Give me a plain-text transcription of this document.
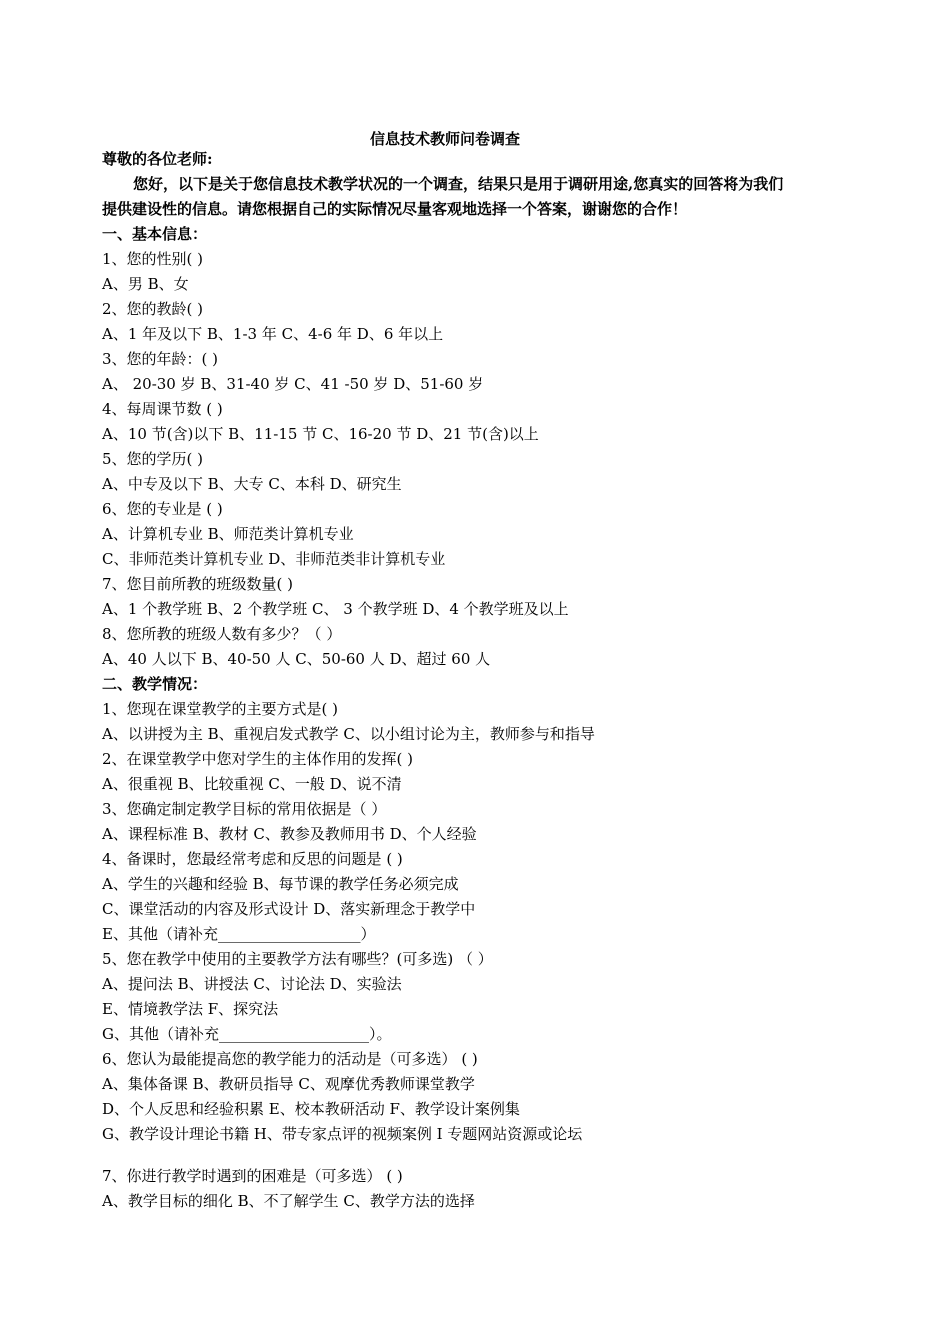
信息技术教师问卷调查
尊敬的各位老师:
您好，以下是关于您信息技术教学状况的一个调查，结果只是用于调研用途,您真实的回答将为我们
提供建设性的信息。请您根据自己的实际情况尽量客观地选择一个答案，谢谢您的合作！
一、基本信息：
1、您的性别( )
A、男 B、女
2、您的教龄( )
A、1 年及以下 B、1-3 年 C、4-6 年 D、6 年以上
3、您的年龄：( )
A、 20-30 岁 B、31-40 岁 C、41 -50 岁 D、51-60 岁
4、每周课节数 ( )
A、10 节(含)以下 B、11-15 节 C、16-20 节 D、21 节(含)以上
5、您的学历( )
A、中专及以下 B、大专 C、本科 D、研究生
6、您的专业是 ( )
A、计算机专业 B、师范类计算机专业
C、非师范类计算机专业 D、非师范类非计算机专业
7、您目前所教的班级数量( )
A、1 个教学班 B、2 个教学班 C、 3 个教学班 D、4 个教学班及以上
8、您所教的班级人数有多少？（ ）
A、40 人以下 B、40-50 人 C、50-60 人 D、超过 60 人
二、教学情况：
1、您现在课堂教学的主要方式是( )
A、以讲授为主 B、重视启发式教学 C、以小组讨论为主，教师参与和指导
2、在课堂教学中您对学生的主体作用的发挥( )
A、很重视 B、比较重视 C、一般 D、说不清
3、您确定制定教学目标的常用依据是（ ）
A、课程标准 B、教材 C、教参及教师用书 D、个人经验
4、备课时，您最经常考虑和反思的问题是 ( )
A、学生的兴趣和经验 B、每节课的教学任务必须完成
C、课堂活动的内容及形式设计 D、落实新理念于教学中
E、其他（请补充___________________）
5、您在教学中使用的主要教学方法有哪些？(可多选) （ ）
A、提问法 B、讲授法 C、讨论法 D、实验法
E、情境教学法 F、探究法
G、其他（请补充____________________）。
6、您认为最能提高您的教学能力的活动是（可多选） ( )
A、集体备课 B、教研员指导 C、观摩优秀教师课堂教学
D、个人反思和经验积累 E、校本教研活动 F、教学设计案例集
G、教学设计理论书籍 H、带专家点评的视频案例 I 专题网站资源或论坛
7、你进行教学时遇到的困难是（可多选） ( )
A、教学目标的细化 B、不了解学生 C、教学方法的选择
